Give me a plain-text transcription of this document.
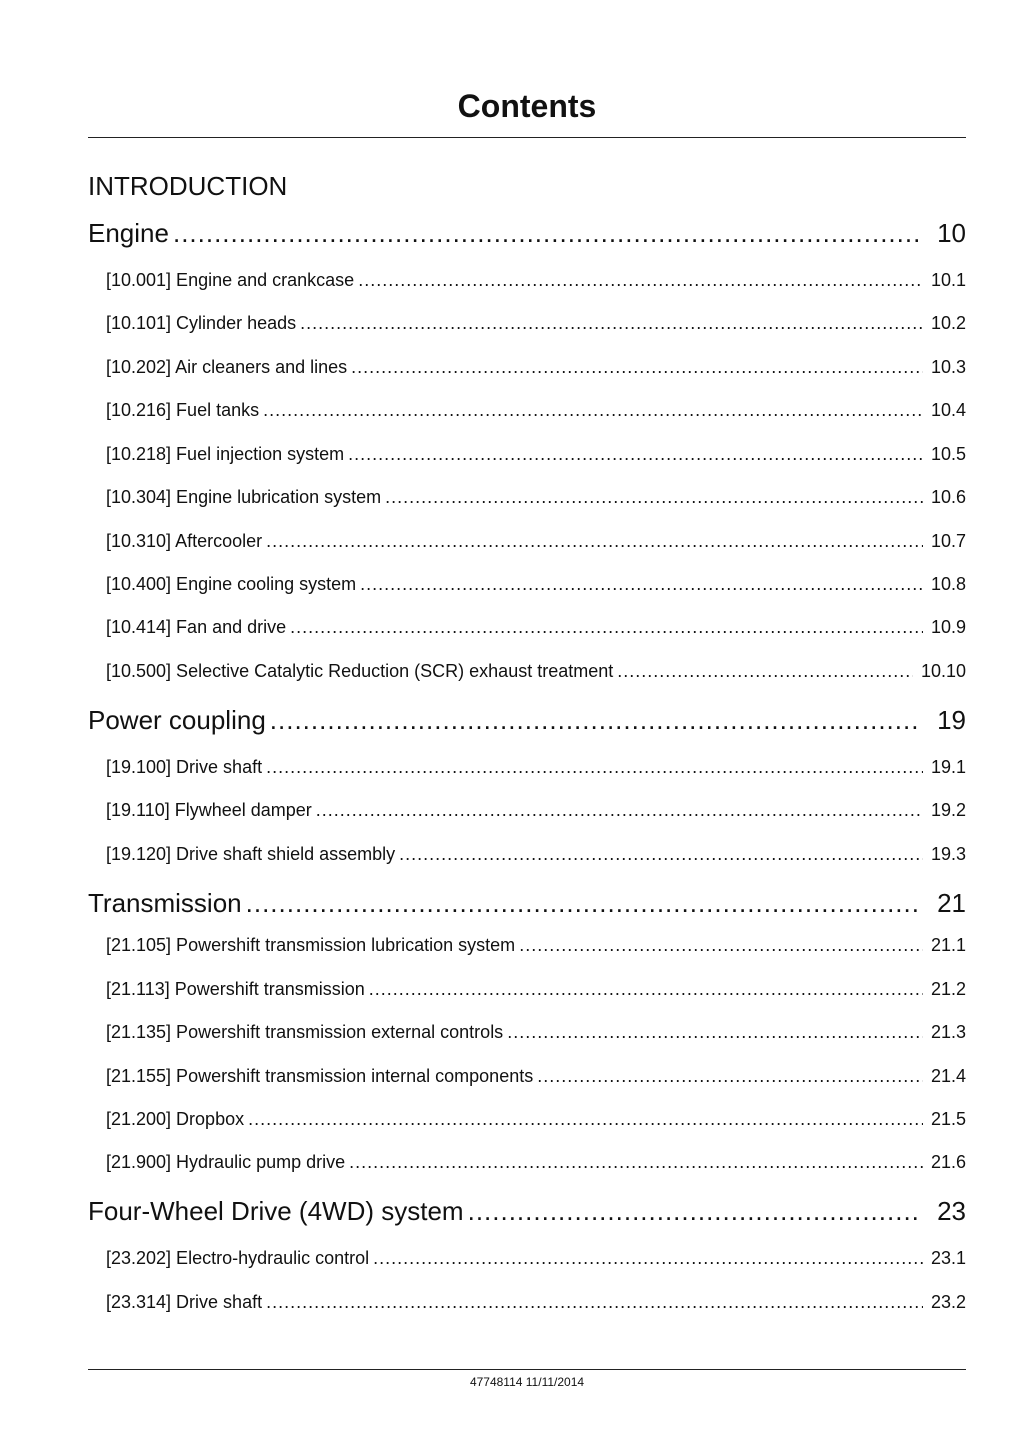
Contents
INTRODUCTION
Engine .....	10
[10.001] Engine and crankcase .....	10.1
[10.101] Cylinder heads .....	10.2
[10.202] Air cleaners and lines .....	10.3
[10.216] Fuel tanks .....	10.4
[10.218] Fuel injection system .....	10.5
[10.304] Engine lubrication system .....	10.6
[10.310] Aftercooler .....	10.7
[10.400] Engine cooling system .....	10.8
[10.414] Fan and drive .....	10.9
[10.500] Selective Catalytic Reduction (SCR) exhaust treatment .....	10.10
Power coupling .....	19
[19.100] Drive shaft .....	19.1
[19.110] Flywheel damper .....	19.2
[19.120] Drive shaft shield assembly .....	19.3
Transmission .....	21
[21.105] Powershift transmission lubrication system .....	21.1
[21.113] Powershift transmission .....	21.2
[21.135] Powershift transmission external controls .....	21.3
[21.155] Powershift transmission internal components .....	21.4
[21.200] Dropbox .....	21.5
[21.900] Hydraulic pump drive .....	21.6
Four-Wheel Drive (4WD) system .....	23
[23.202] Electro-hydraulic control .....	23.1
[23.314] Drive shaft .....	23.2
47748114 11/11/2014
